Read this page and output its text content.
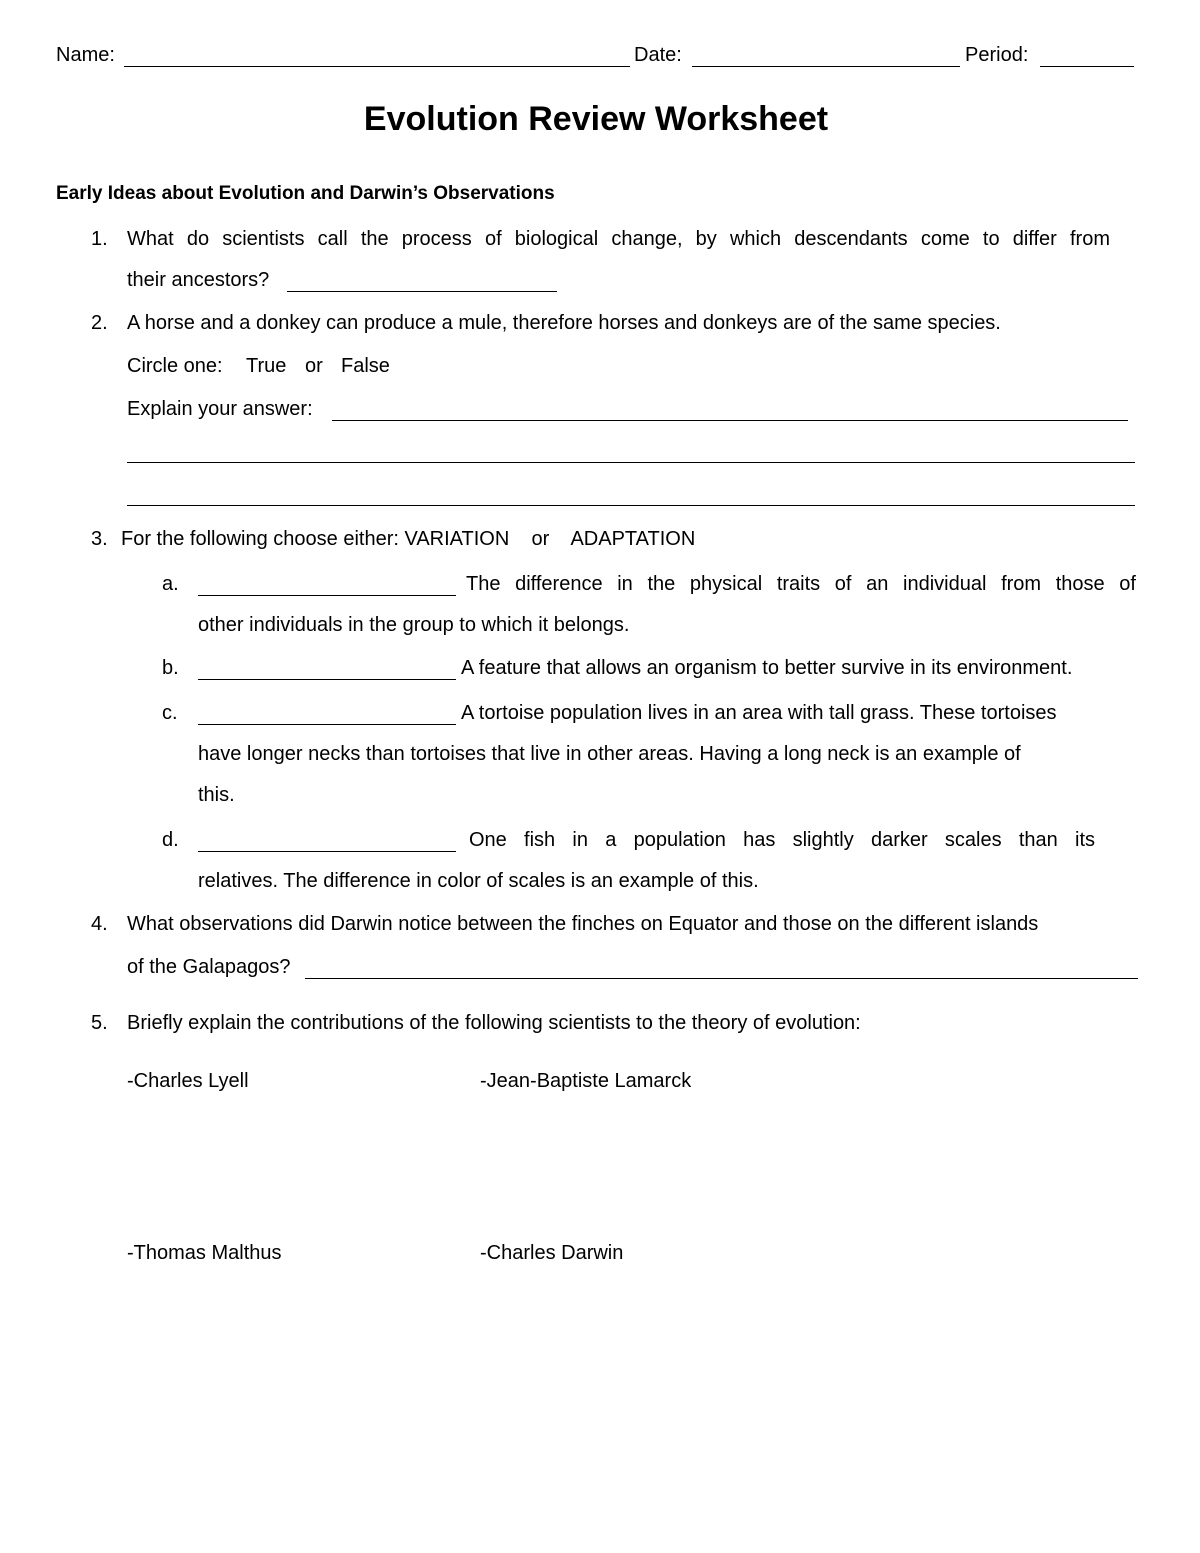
Name:	Date:	Period:
Evolution Review Worksheet
Early Ideas about Evolution and Darwin’s Observations
1. What do scientists call the process of biological change, by which descendants come to differ from
their ancestors?
2. A horse and a donkey can produce a mule, therefore horses and donkeys are of the same species.
Circle one: True or False
Explain your answer:
3. For the following choose either: VARIATION    or    ADAPTATION
a.	The difference in the physical traits of an individual from those of
other individuals in the group to which it belongs.
b.	A feature that allows an organism to better survive in its environment.
c.	A tortoise population lives in an area with tall grass. These tortoises
have longer necks than tortoises that live in other areas. Having a long neck is an example of
this.
d.	One fish in a population has slightly darker scales than its
relatives. The difference in color of scales is an example of this.
4. What observations did Darwin notice between the finches on Equator and those on the different islands
of the Galapagos?
5. Briefly explain the contributions of the following scientists to the theory of evolution:
-Charles Lyell	-Jean-Baptiste Lamarck
-Thomas Malthus	-Charles Darwin
